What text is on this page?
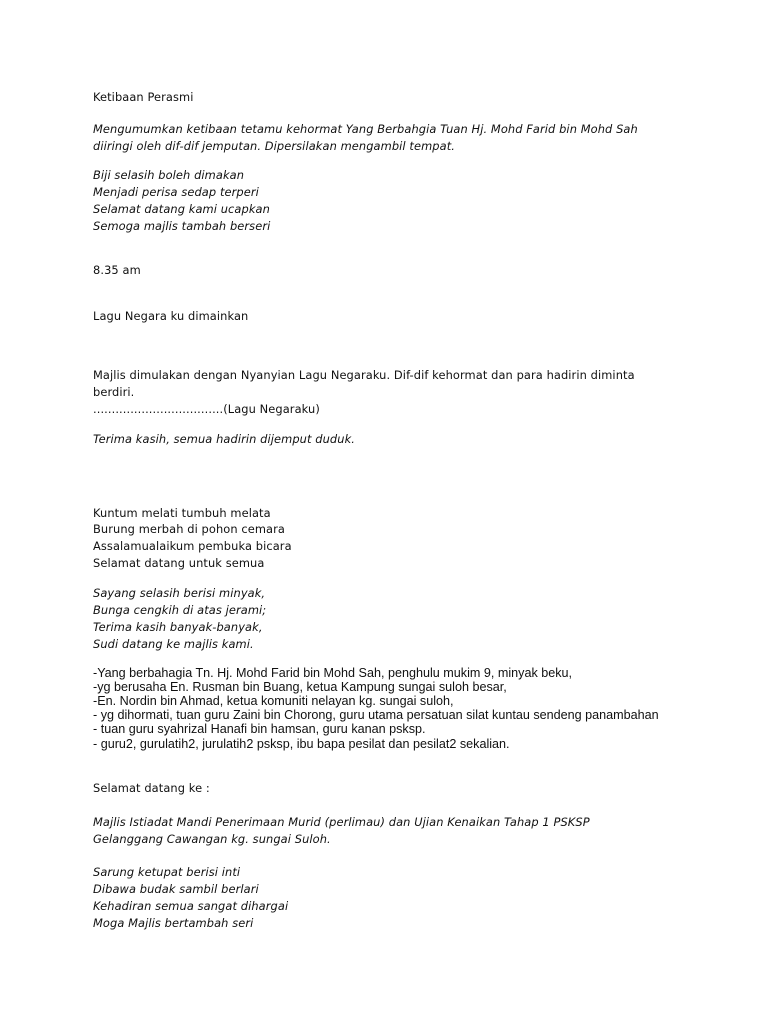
Ketibaan Perasmi

Mengumumkan ketibaan tetamu kehormat Yang Berbahgia Tuan Hj. Mohd Farid bin Mohd Sah

diiringi oleh dif-dif jemputan. Dipersilakan mengambil tempat.

Biji selasih boleh dimakan

Menjadi perisa sedap terperi

Selamat datang kami ucapkan

Semoga majlis tambah berseri

8.35 am

Lagu Negara ku dimainkan

Majlis dimulakan dengan Nyanyian Lagu Negaraku. Dif-dif kehormat dan para hadirin diminta

berdiri.

...................................(Lagu Negaraku)

Terima kasih, semua hadirin dijemput duduk.

Kuntum melati tumbuh melata

Burung merbah di pohon cemara

Assalamualaikum pembuka bicara

Selamat datang untuk semua

Sayang selasih berisi minyak,

Bunga cengkih di atas jerami;

Terima kasih banyak-banyak,

Sudi datang ke majlis kami.

-Yang berbahagia Tn. Hj. Mohd Farid bin Mohd Sah, penghulu mukim 9, minyak beku,

-yg berusaha En. Rusman bin Buang, ketua Kampung sungai suloh besar,

-En. Nordin bin Ahmad, ketua komuniti nelayan kg. sungai suloh,

- yg dihormati, tuan guru Zaini bin Chorong, guru utama persatuan silat kuntau sendeng panambahan

- tuan guru syahrizal Hanafi bin hamsan, guru kanan psksp.

- guru2, gurulatih2, jurulatih2 psksp, ibu bapa pesilat dan pesilat2 sekalian.

Selamat datang ke :

Majlis Istiadat Mandi Penerimaan Murid (perlimau) dan Ujian Kenaikan Tahap 1 PSKSP

Gelanggang Cawangan kg. sungai Suloh.

Sarung ketupat berisi inti

Dibawa budak sambil berlari

Kehadiran semua sangat dihargai

Moga Majlis bertambah seri
